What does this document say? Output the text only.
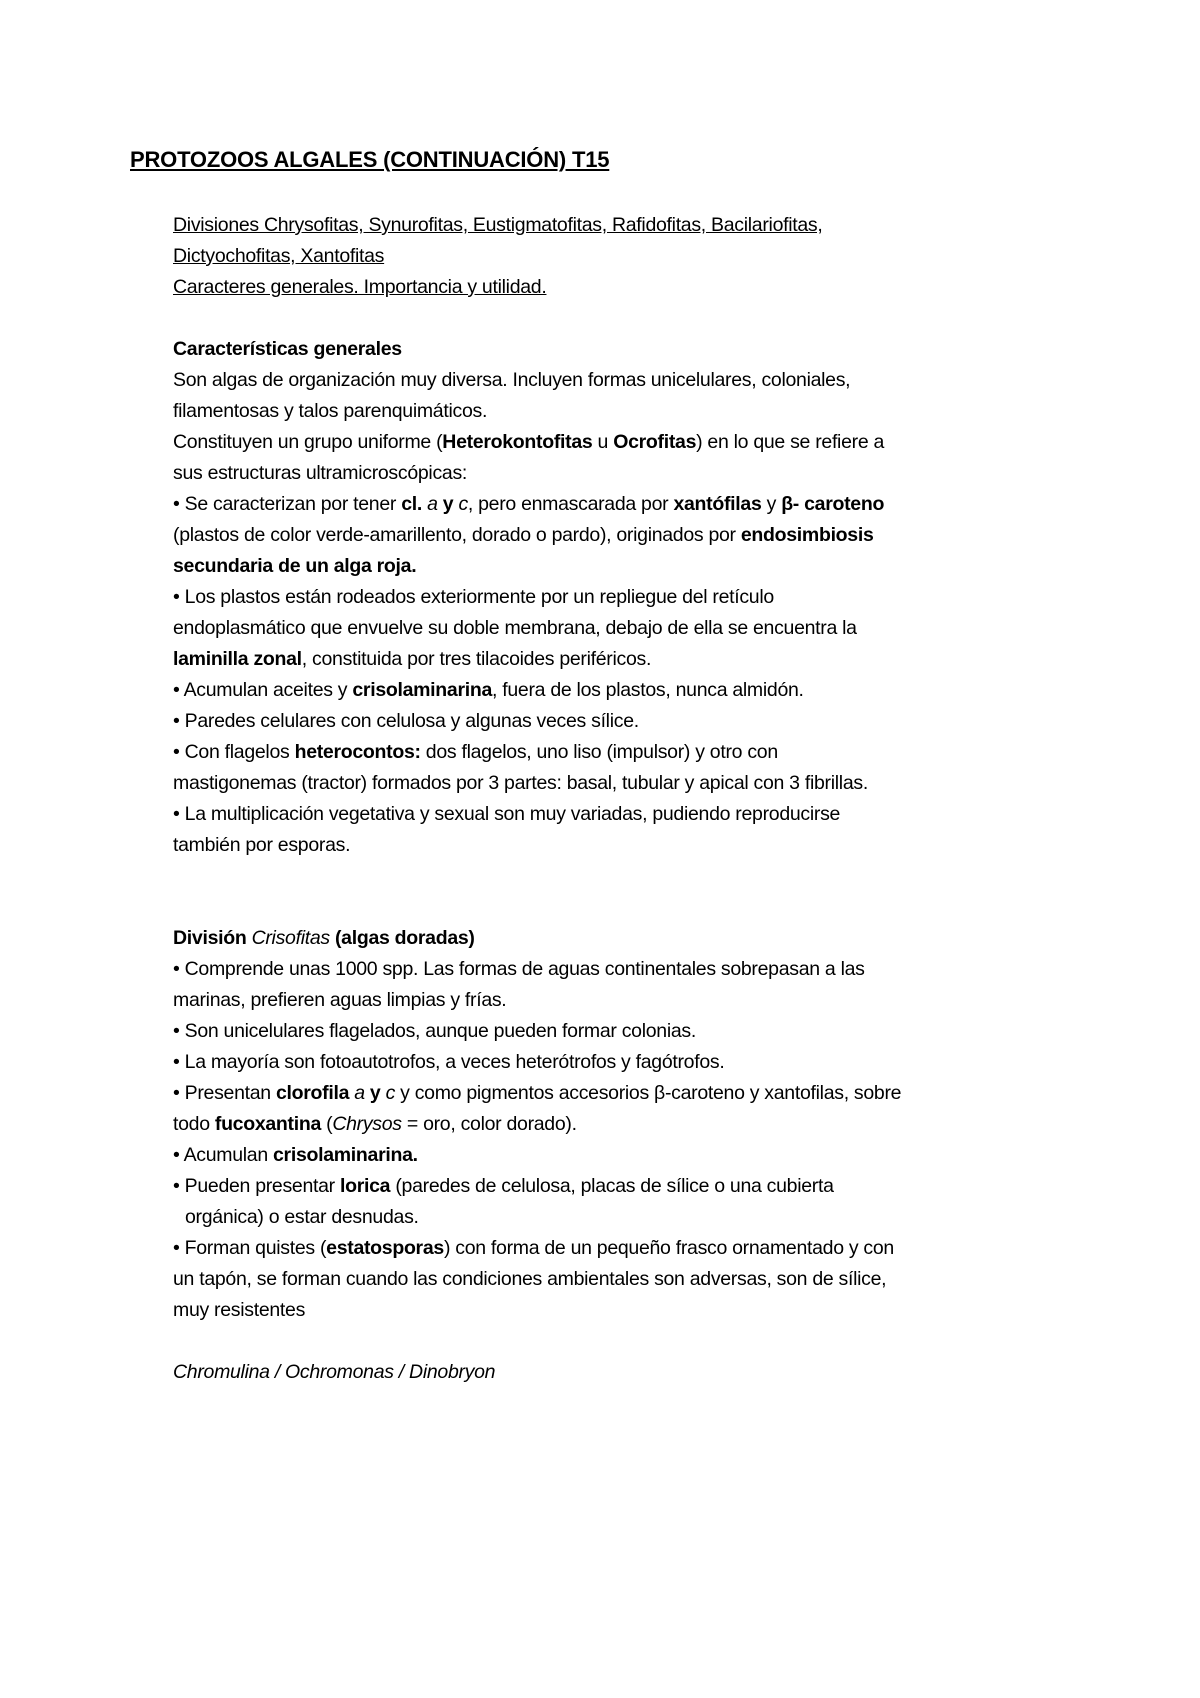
PROTOZOOS ALGALES (CONTINUACIÓN) T15
Divisiones Chrysofitas, Synurofitas, Eustigmatofitas, Rafidofitas, Bacilariofitas,
Dictyochofitas, Xantofitas
Caracteres generales. Importancia y utilidad.
Características generales
Son algas de organización muy diversa. Incluyen formas unicelulares, coloniales,
filamentosas y talos parenquimáticos.
Constituyen un grupo uniforme (Heterokontofitas u Ocrofitas) en lo que se refiere a
sus estructuras ultramicroscópicas:
• Se caracterizan por tener cl. a y c, pero enmascarada por xantófilas y β- caroteno
(plastos de color verde-amarillento, dorado o pardo), originados por endosimbiosis
secundaria de un alga roja.
• Los plastos están rodeados exteriormente por un repliegue del retículo
endoplasmático que envuelve su doble membrana, debajo de ella se encuentra la
laminilla zonal, constituida por tres tilacoides periféricos.
• Acumulan aceites y crisolaminarina, fuera de los plastos, nunca almidón.
• Paredes celulares con celulosa y algunas veces sílice.
• Con flagelos heterocontos: dos flagelos, uno liso (impulsor) y otro con
mastigonemas (tractor) formados por 3 partes: basal, tubular y apical con 3 fibrillas.
• La multiplicación vegetativa y sexual son muy variadas, pudiendo reproducirse
también por esporas.
División Crisofitas (algas doradas)
• Comprende unas 1000 spp. Las formas de aguas continentales sobrepasan a las
marinas, prefieren aguas limpias y frías.
• Son unicelulares flagelados, aunque pueden formar colonias.
• La mayoría son fotoautotrofos, a veces heterótrofos y fagótrofos.
• Presentan clorofila a y c y como pigmentos accesorios β-caroteno y xantofilas, sobre
todo fucoxantina (Chrysos = oro, color dorado).
• Acumulan crisolaminarina.
• Pueden presentar lorica (paredes de celulosa, placas de sílice o una cubierta
orgánica) o estar desnudas.
• Forman quistes (estatosporas) con forma de un pequeño frasco ornamentado y con
un tapón, se forman cuando las condiciones ambientales son adversas, son de sílice,
muy resistentes
Chromulina / Ochromonas / Dinobryon
